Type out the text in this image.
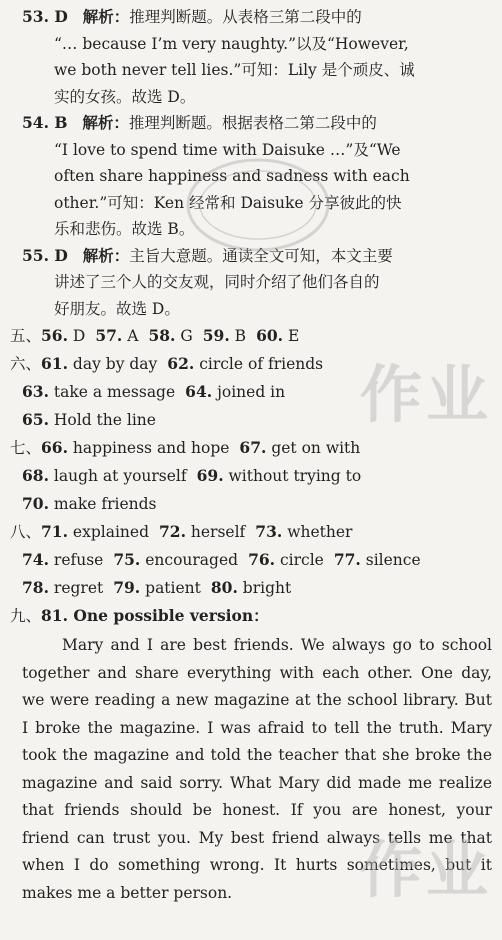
53. D 解析：推理判断题。从表格三第二段中的
“… because I’m very naughty.”以及“However,
we both never tell lies.”可知：Lily 是个顽皮、诚
实的女孩。故选 D。
54. B 解析：推理判断题。根据表格二第二段中的
“I love to spend time with Daisuke …”及“We
often share happiness and sadness with each
other.”可知：Ken 经常和 Daisuke 分享彼此的快
乐和悲伤。故选 B。
55. D 解析：主旨大意题。通读全文可知，本文主要
讲述了三个人的交友观，同时介绍了他们各自的
好朋友。故选 D。
五、56. D 57. A 58. G 59. B 60. E
六、61. day by day 62. circle of friends
63. take a message 64. joined in
65. Hold the line
七、66. happiness and hope 67. get on with
68. laugh at yourself 69. without trying to
70. make friends
八、71. explained 72. herself 73. whether
74. refuse 75. encouraged 76. circle 77. silence
78. regret 79. patient 80. bright
九、81. One possible version：
Mary and I are best friends. We always go to school together and share everything with each other. One day, we were reading a new magazine at the school library. But I broke the magazine. I was afraid to tell the truth. Mary took the magazine and told the teacher that she broke the magazine and said sorry. What Mary did made me realize that friends should be honest. If you are honest, your friend can trust you. My best friend always tells me that when I do something wrong. It hurts sometimes, but it makes me a better person.
作业
作业
